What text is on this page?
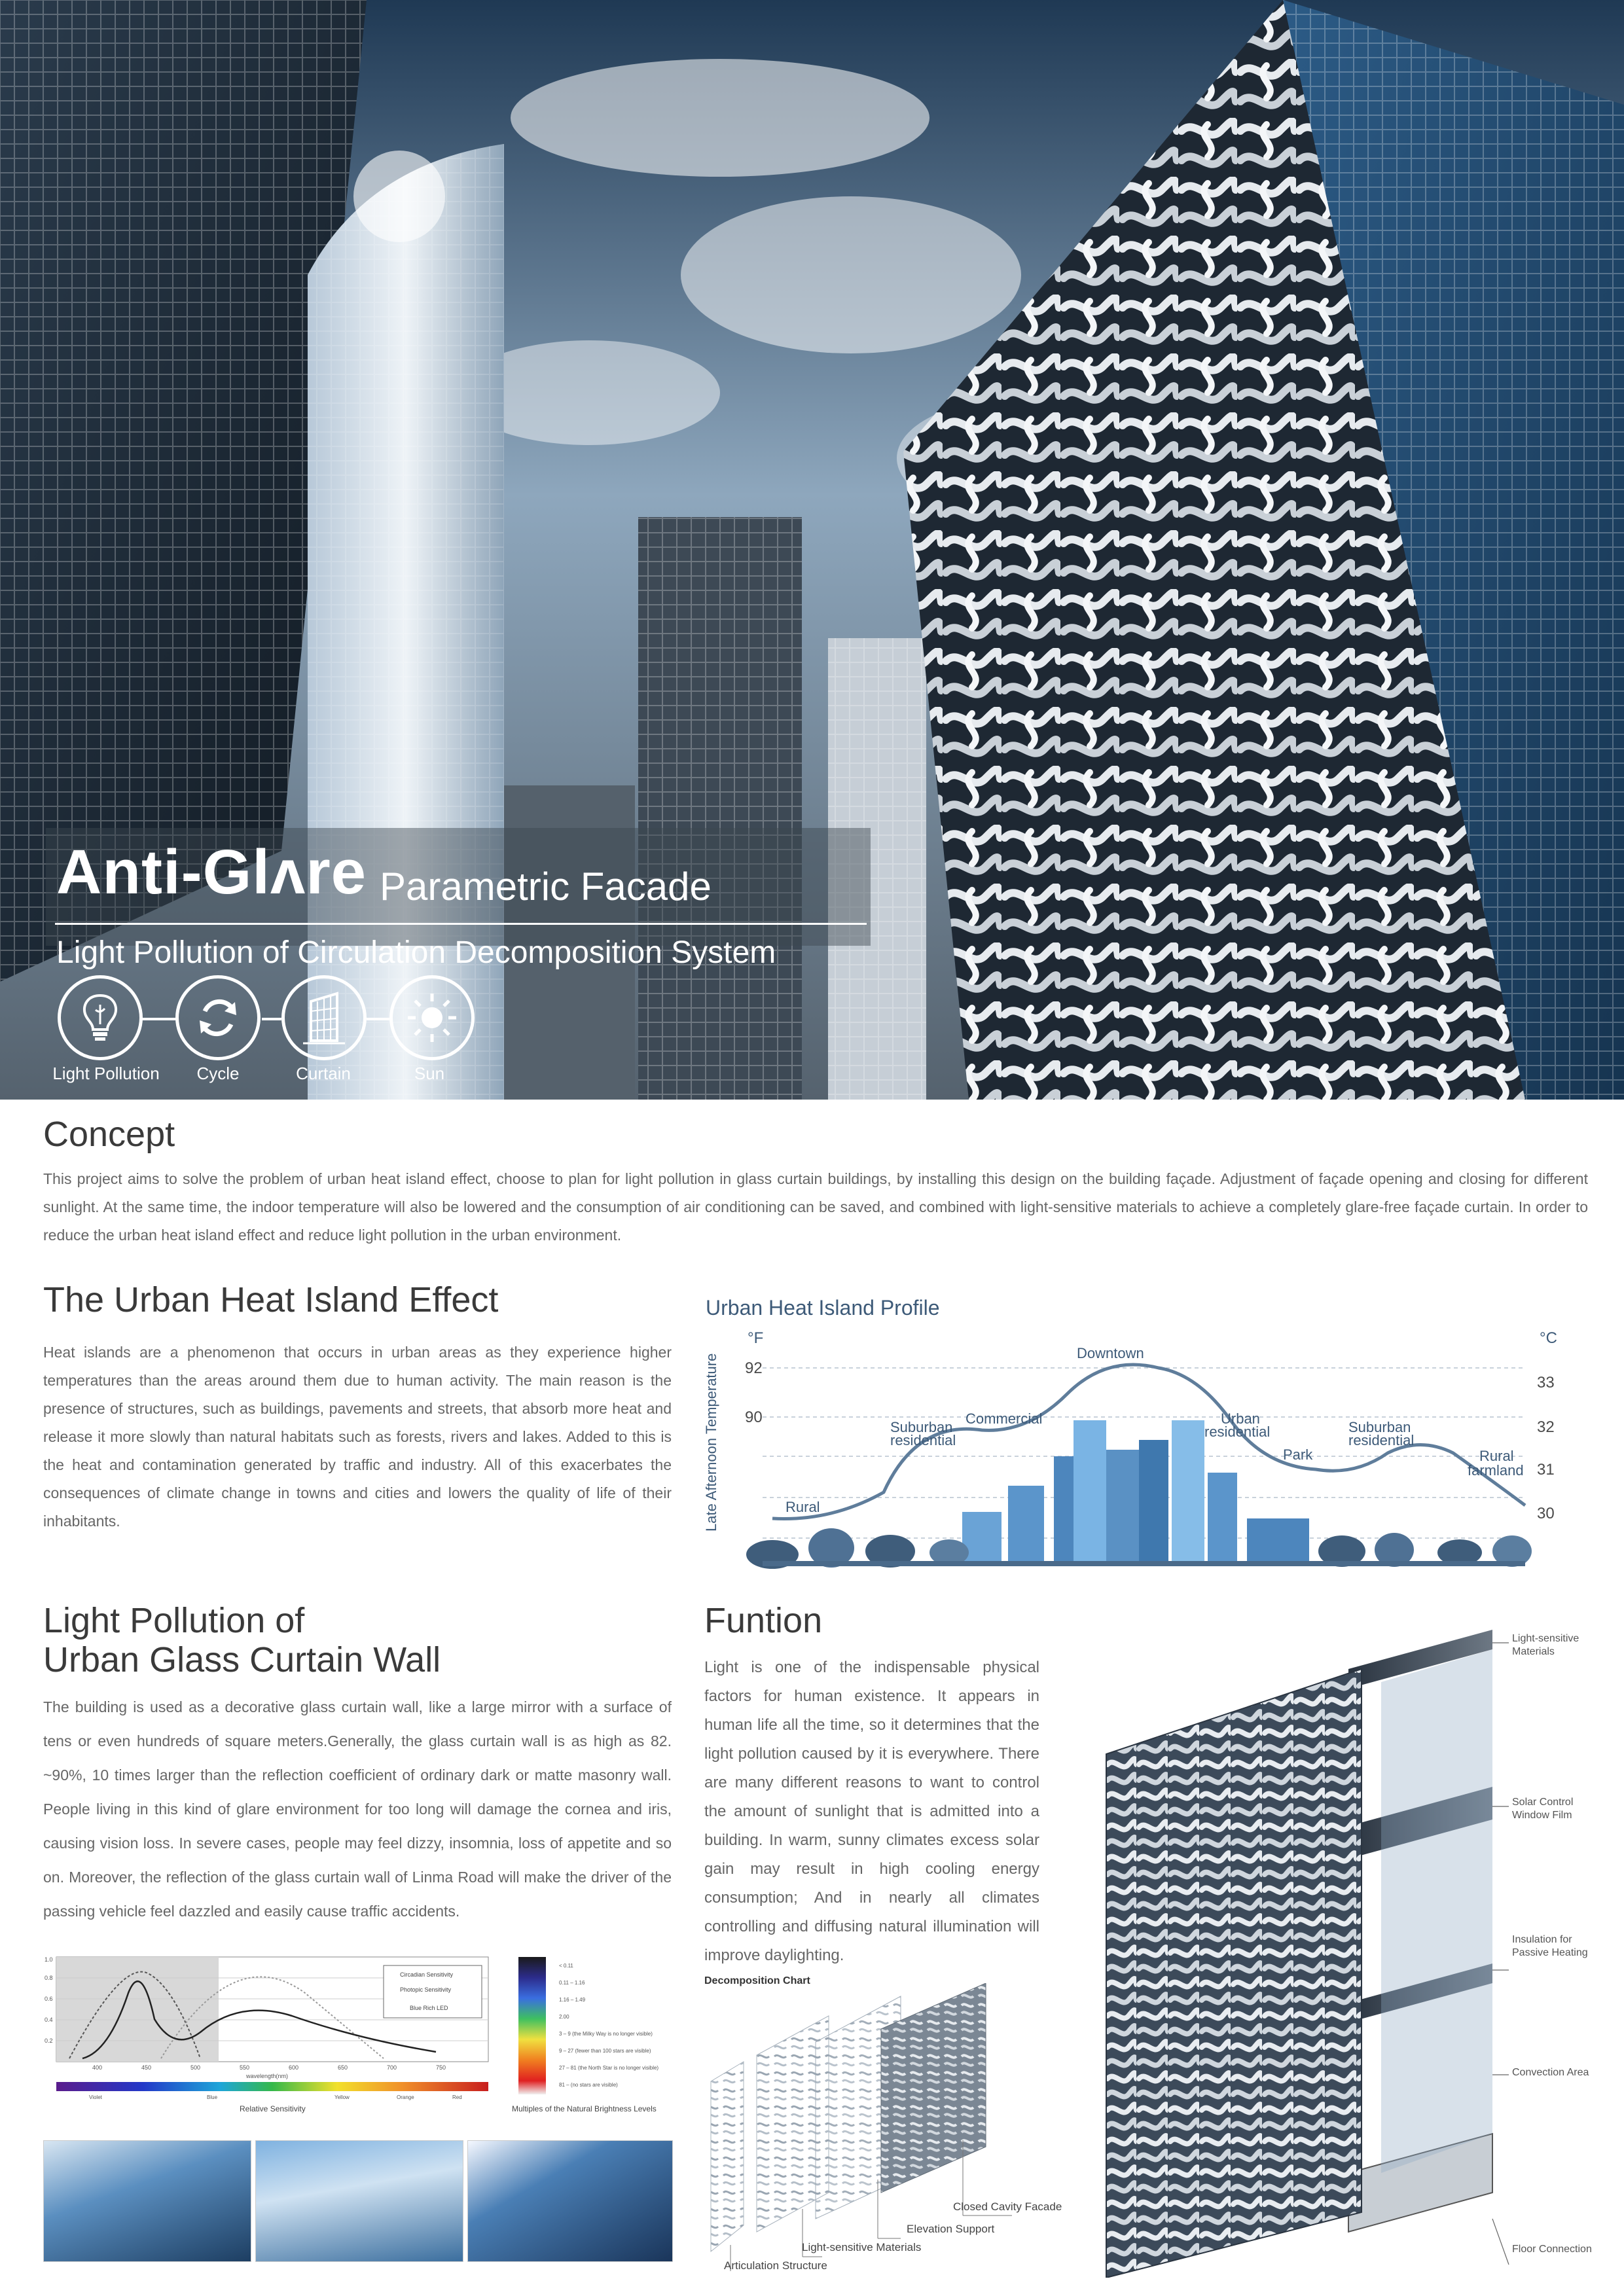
Anti-Glʌre Parametric Facade
Light Pollution of Circulation Decomposition System
Light Pollution	Cycle	Curtain	Sun
Concept
This project aims to solve the problem of urban heat island effect, choose to plan for light pollution in glass curtain buildings, by installing this design on the building façade. Adjustment of façade opening and closing for different sunlight. At the same time, the indoor temperature will also be lowered and the consumption of air conditioning can be saved, and combined with light-sensitive materials to achieve a completely glare-free façade curtain. In order to reduce the urban heat island effect and reduce light pollution in the urban environment.
The Urban Heat Island Effect
Heat islands are a phenomenon that occurs in urban areas as they experience higher temperatures than the areas around them due to human activity. The main reason is the presence of structures, such as buildings, pavements and streets, that absorb more heat and release it more slowly than natural habitats such as forests, rivers and lakes. Added to this is the heat and contamination generated by traffic and industry. All of this exacerbates the consequences of climate change in towns and cities and lowers the quality of life of their inhabitants.
Urban Heat Island Profile
°F	°C
92
90
33
32
31
30
Late Afternoon Temperature	Rural
Suburban
residential
Commercial
Downtown
Urban
residential
Park
Suburban
residential
Rural
farmland
Light Pollution of
Urban Glass Curtain Wall
The building is used as a decorative glass curtain wall, like a large mirror with a surface of tens or even hundreds of square meters.Generally, the glass curtain wall is as high as 82. ~90%, 10 times larger than the reflection coefficient of ordinary dark or matte masonry wall. People living in this kind of glare environment for too long will damage the cornea and iris, causing vision loss. In severe cases, people may feel dizzy, insomnia, loss of appetite and so on. Moreover, the reflection of the glass curtain wall of Linma Road will make the driver of the passing vehicle feel dazzled and easily cause traffic accidents.
Circadian Sensitivity
Photopic Sensitivity
Blue Rich LED
1.0
0.8
0.6
0.4
0.2
400	450	500	550	600	650	700	750
wavelength(nm)
Violet	Blue	Yellow	Orange	Red
Relative Sensitivity
< 0.11
0.11 – 1.16
1.16 – 1.49
2.00
3 – 9 (the Milky Way is no longer visible)
9 – 27 (fewer than 100 stars are visible)
27 – 81 (the North Star is no longer visible)
81 – (no stars are visible)
Multiples of the Natural Brightness Levels
Funtion
Light is one of the indispensable physical factors for human existence. It appears in human life all the time, so it determines that the light pollution caused by it is everywhere. There are many different reasons to want to control the amount of sunlight that is admitted into a building. In warm, sunny climates excess solar gain may result in high cooling energy consumption; And in nearly all climates controlling and diffusing natural illumination will improve daylighting.
Decomposition Chart
Closed Cavity Facade
Elevation Support
Light-sensitive Materials
Articulation Structure
Light-sensitive
Materials
Solar Control
Window Film
Insulation for
Passive Heating
Convection Area
Floor Connection
